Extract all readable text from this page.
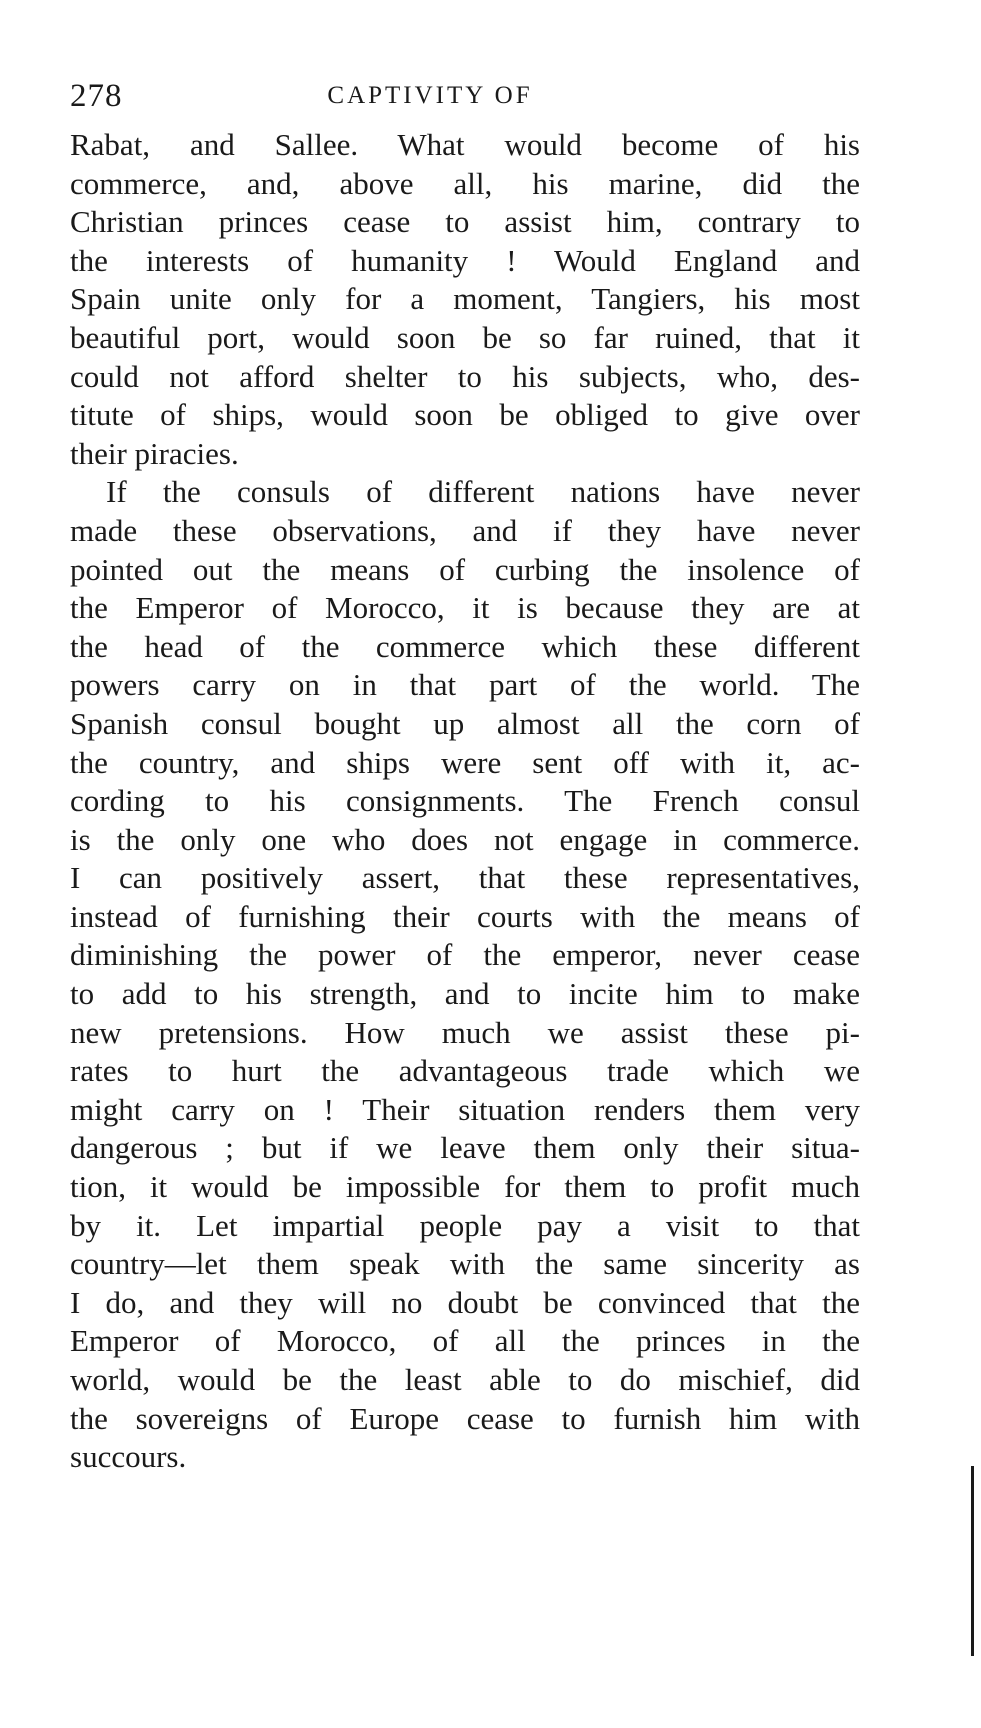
278	CAPTIVITY OF
Rabat, and Sallee. What would become of his
commerce, and, above all, his marine, did the
Christian princes cease to assist him, contrary to
the interests of humanity ! Would England and
Spain unite only for a moment, Tangiers, his most
beautiful port, would soon be so far ruined, that it
could not afford shelter to his subjects, who, des-
titute of ships, would soon be obliged to give over
their piracies.
If the consuls of different nations have never
made these observations, and if they have never
pointed out the means of curbing the insolence of
the Emperor of Morocco, it is because they are at
the head of the commerce which these different
powers carry on in that part of the world. The
Spanish consul bought up almost all the corn of
the country, and ships were sent off with it, ac-
cording to his consignments. The French consul
is the only one who does not engage in commerce.
I can positively assert, that these representatives,
instead of furnishing their courts with the means of
diminishing the power of the emperor, never cease
to add to his strength, and to incite him to make
new pretensions. How much we assist these pi-
rates to hurt the advantageous trade which we
might carry on ! Their situation renders them very
dangerous ; but if we leave them only their situa-
tion, it would be impossible for them to profit much
by it. Let impartial people pay a visit to that
country—let them speak with the same sincerity as
I do, and they will no doubt be convinced that the
Emperor of Morocco, of all the princes in the
world, would be the least able to do mischief, did
the sovereigns of Europe cease to furnish him with
succours.
